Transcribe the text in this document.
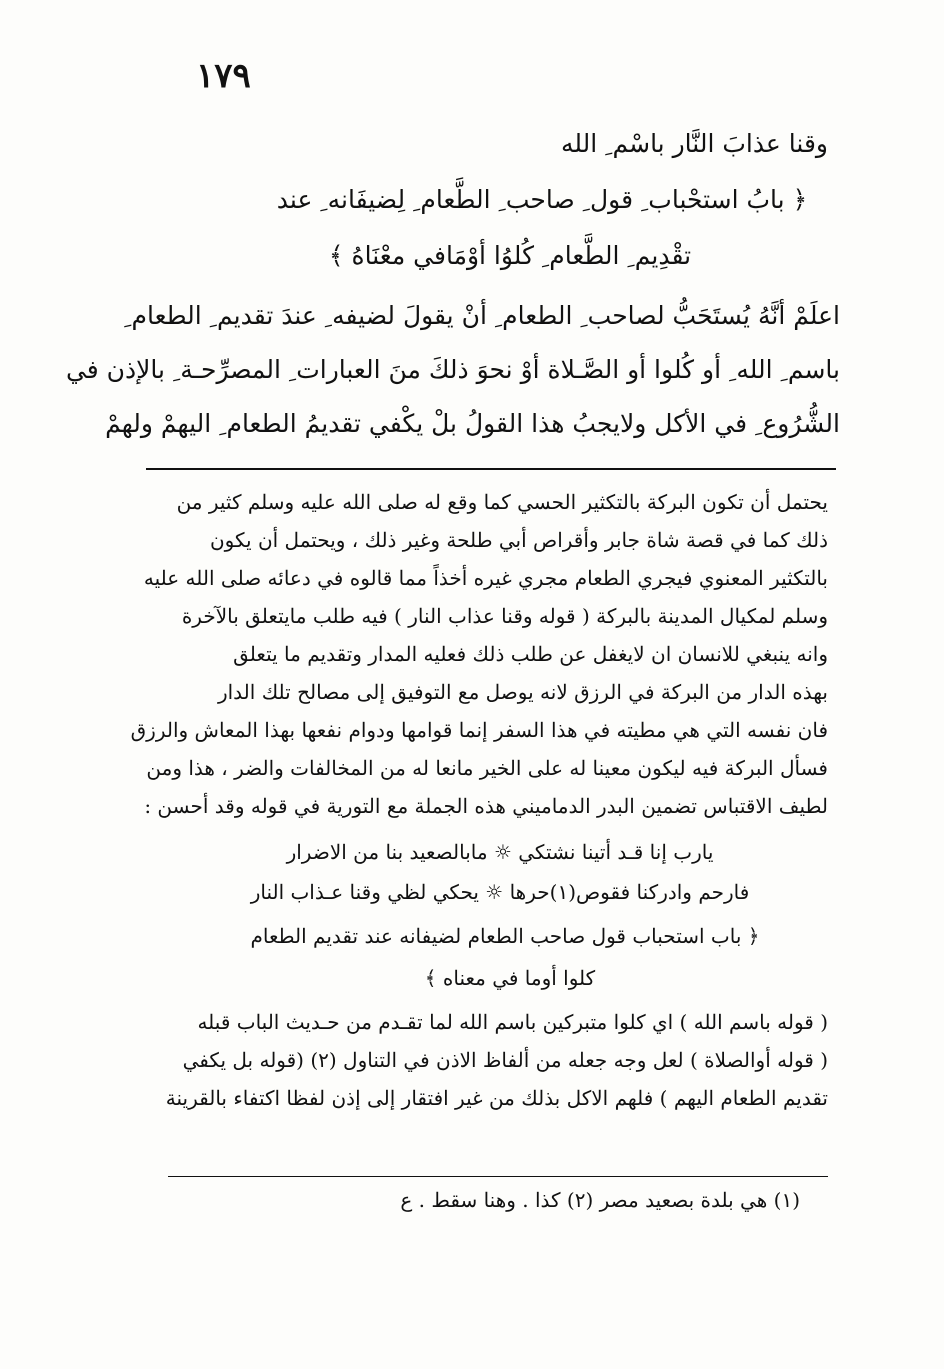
١٧٩
وقنا عذابَ النَّار باسْم ِ الله
﴿ بابُ استحْباب ِ قول ِ صاحب ِ الطَّعام ِ لِضيفَانه ِ عند
تقْدِيم ِ الطَّعام ِ كُلوُا أوْمَافي معْنَاهُ ﴾
اعلَمْ أنَّهُ يُستَحَبُّ لصاحب ِ الطعام ِ أنْ يقولَ لضيفه ِ عندَ تقديم ِ الطعام ِ
باسم ِ الله ِ أو كُلوا أو الصَّـلاة أوْ نحوَ ذلكَ منَ العبارات ِ المصرِّحـة ِ بالإذن في
الشُّرُوع ِ في الأكل ولايجبُ هذا القولُ بلْ يكْفي تقديمُ الطعام ِ اليهمْ ولهمْ
يحتمل أن تكون البركة بالتكثير الحسي كما وقع له صلى الله عليه وسلم كثير من
ذلك كما في قصة شاة جابر وأقراص أبي طلحة وغير ذلك ، ويحتمل أن يكون
بالتكثير المعنوي فيجري الطعام مجري غيره أخذاً مما قالوه في دعائه صلى الله عليه
وسلم لمكيال المدينة بالبركة ( قوله وقنا عذاب النار ) فيه طلب مايتعلق بالآخرة
وانه ينبغي للانسان ان لايغفل عن طلب ذلك فعليه المدار وتقديم ما يتعلق
بهذه الدار من البركة في الرزق لانه يوصل مع التوفيق إلى مصالح تلك الدار
فان نفسه التي هي مطيته في هذا السفر إنما قوامها ودوام نفعها بهذا المعاش والرزق
فسأل البركة فيه ليكون معينا له على الخير مانعا له من المخالفات والضر ، هذا ومن
لطيف الاقتباس تضمين البدر الدماميني هذه الجملة مع التورية في قوله وقد أحسن :
يارب إنا قـد أتينا نشتكي ☼ مابالصعيد بنا من الاضرار
فارحم وادركنا فقوص(١)حرها ☼ يحكي لظي وقنا عـذاب النار
﴿ باب استحباب قول صاحب الطعام لضيفانه عند تقديم الطعام
كلوا أوما في معناه ﴾
( قوله باسم الله ) اي كلوا متبركين باسم الله لما تقـدم من حـديث الباب قبله
( قوله أوالصلاة ) لعل وجه جعله من ألفاظ الاذن في التناول (٢) (قوله بل يكفي
تقديم الطعام اليهم ) فلهم الاكل بذلك من غير افتقار إلى إذن لفظا اكتفاء بالقرينة
(١) هي بلدة بصعيد مصر (٢) كذا . وهنا سقط . ع
